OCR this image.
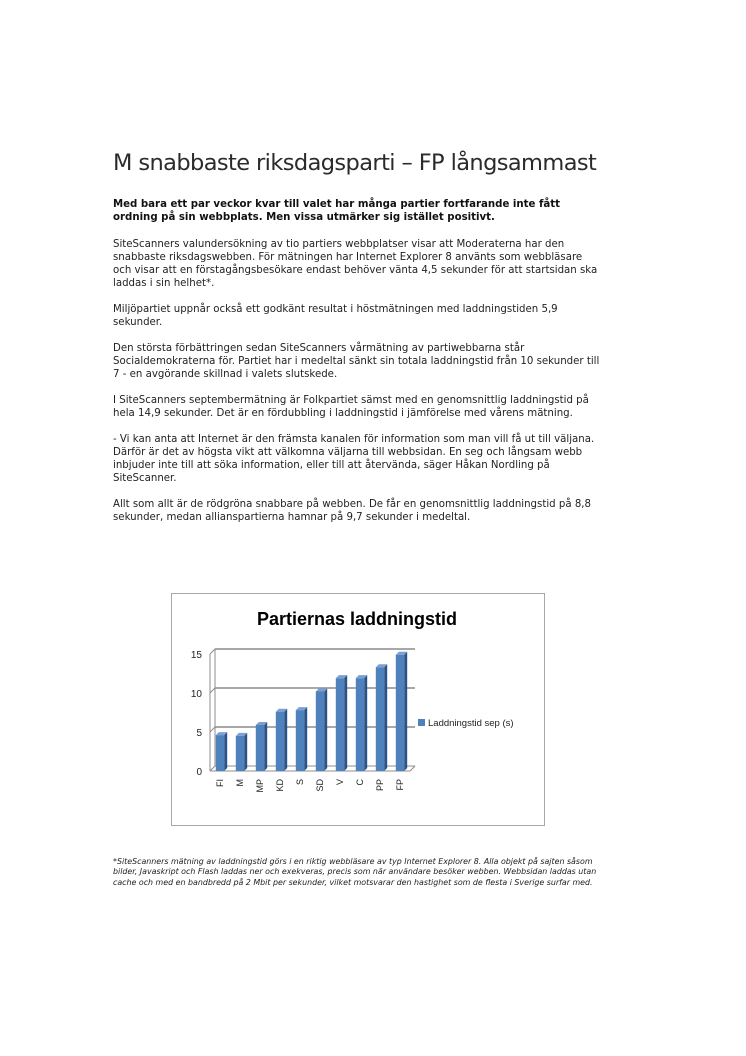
M snabbaste riksdagsparti – FP långsammast

Med bara ett par veckor kvar till valet har många partier fortfarande inte fått ordning på sin webbplats. Men vissa utmärker sig istället positivt.

SiteScanners valundersökning av tio partiers webbplatser visar att Moderaterna har den snabbaste riksdagswebben. För mätningen har Internet Explorer 8 använts som webbläsare och visar att en förstagångsbesökare endast behöver vänta 4,5 sekunder för att startsidan ska laddas i sin helhet*.

Miljöpartiet uppnår också ett godkänt resultat i höstmätningen med laddningstiden 5,9 sekunder.

Den största förbättringen sedan SiteScanners vårmätning av partiwebbarna står Socialdemokraterna för. Partiet har i medeltal sänkt sin totala laddningstid från 10 sekunder till 7 - en avgörande skillnad i valets slutskede.

I SiteScanners septembermätning är Folkpartiet sämst med en genomsnittlig laddningstid på hela 14,9 sekunder. Det är en fördubbling i laddningstid i jämförelse med vårens mätning.

- Vi kan anta att Internet är den främsta kanalen för information som man vill få ut till väljana. Därför är det av högsta vikt att välkomna väljarna till webbsidan. En seg och långsam webb inbjuder inte till att söka information, eller till att återvända, säger Håkan Nordling på SiteScanner.

Allt som allt är de rödgröna snabbare på webben. De får en genomsnittlig laddningstid på 8,8 sekunder, medan allianspartierna hamnar på 9,7 sekunder i medeltal.

Partiernas laddningstid
0
5
10
15
FI M MP KD S SD V C PP FP
Laddningstid sep (s)
*SiteScanners mätning av laddningstid görs i en riktig webbläsare av typ Internet Explorer 8. Alla objekt på sajten såsom bilder, Javaskript och Flash laddas ner och exekveras, precis som när användare besöker webben. Webbsidan laddas utan cache och med en bandbredd på 2 Mbit per sekunder, vilket motsvarar den hastighet som de flesta i Sverige surfar med.
